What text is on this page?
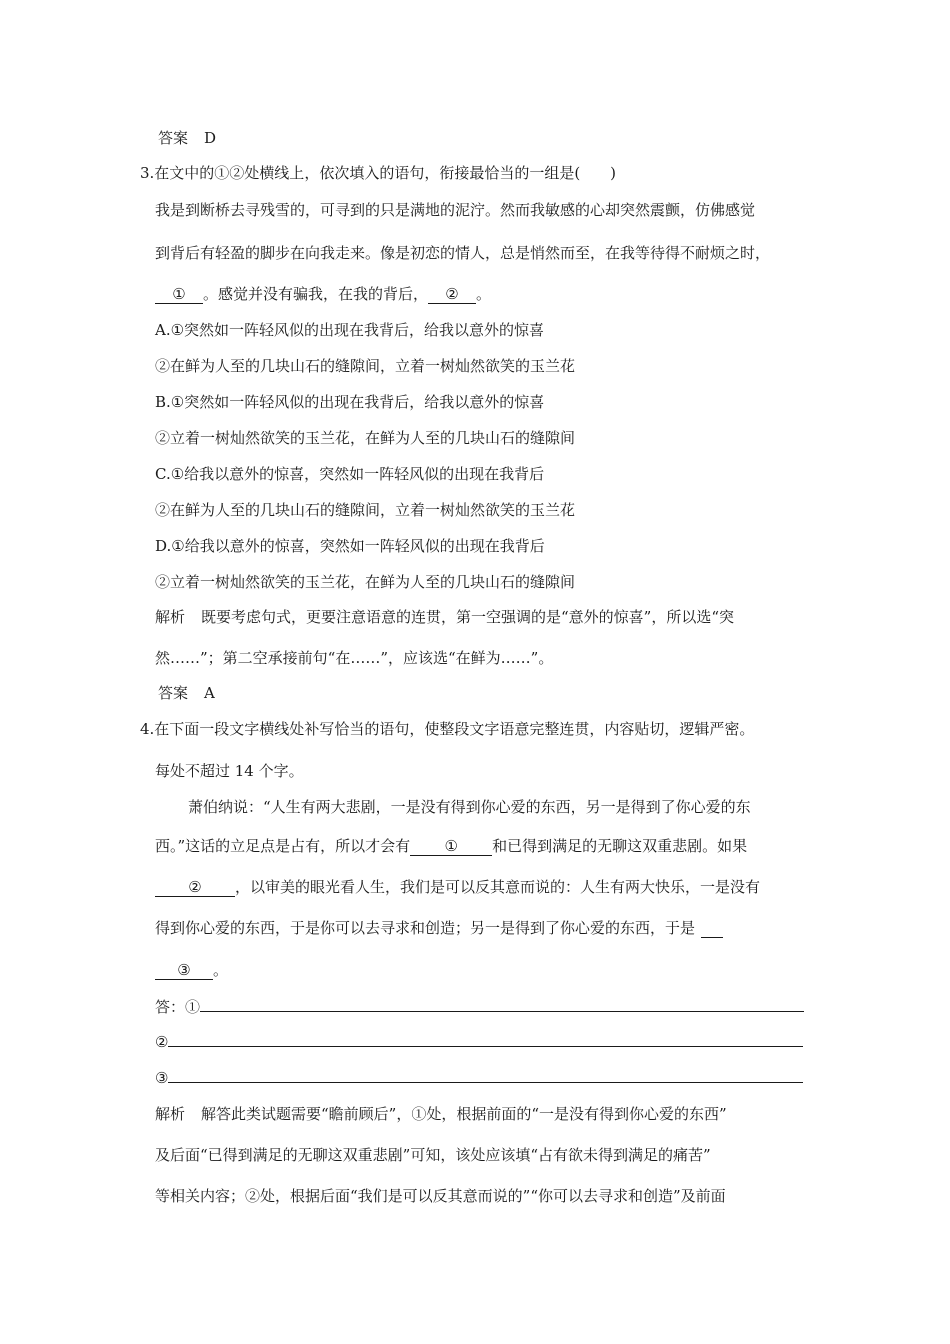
答案 D
3.在文中的①②处横线上，依次填入的语句，衔接最恰当的一组是(　　)
我是到断桥去寻残雪的，可寻到的只是满地的泥泞。然而我敏感的心却突然震颤，仿佛感觉
到背后有轻盈的脚步在向我走来。像是初恋的情人，总是悄然而至，在我等待得不耐烦之时，
① 。感觉并没有骗我，在我的背后， ② 。
A.①突然如一阵轻风似的出现在我背后，给我以意外的惊喜
②在鲜为人至的几块山石的缝隙间，立着一树灿然欲笑的玉兰花
B.①突然如一阵轻风似的出现在我背后，给我以意外的惊喜
②立着一树灿然欲笑的玉兰花，在鲜为人至的几块山石的缝隙间
C.①给我以意外的惊喜，突然如一阵轻风似的出现在我背后
②在鲜为人至的几块山石的缝隙间，立着一树灿然欲笑的玉兰花
D.①给我以意外的惊喜，突然如一阵轻风似的出现在我背后
②立着一树灿然欲笑的玉兰花，在鲜为人至的几块山石的缝隙间
解析 既要考虑句式，更要注意语意的连贯，第一空强调的是“意外的惊喜”，所以选“突
然……”；第二空承接前句“在……”，应该选“在鲜为……”。
答案 A
4.在下面一段文字横线处补写恰当的语句，使整段文字语意完整连贯，内容贴切，逻辑严密。
每处不超过 14 个字。
萧伯纳说：“人生有两大悲剧，一是没有得到你心爱的东西，另一是得到了你心爱的东
西。”这话的立足点是占有，所以才会有 ① 和已得到满足的无聊这双重悲剧。如果
② ，以审美的眼光看人生，我们是可以反其意而说的：人生有两大快乐，一是没有
得到你心爱的东西，于是你可以去寻求和创造；另一是得到了你心爱的东西，于是
③ 。
答：①
②
③
解析 解答此类试题需要“瞻前顾后”，①处，根据前面的“一是没有得到你心爱的东西”
及后面“已得到满足的无聊这双重悲剧”可知，该处应该填“占有欲未得到满足的痛苦”
等相关内容；②处，根据后面“我们是可以反其意而说的”“你可以去寻求和创造”及前面
